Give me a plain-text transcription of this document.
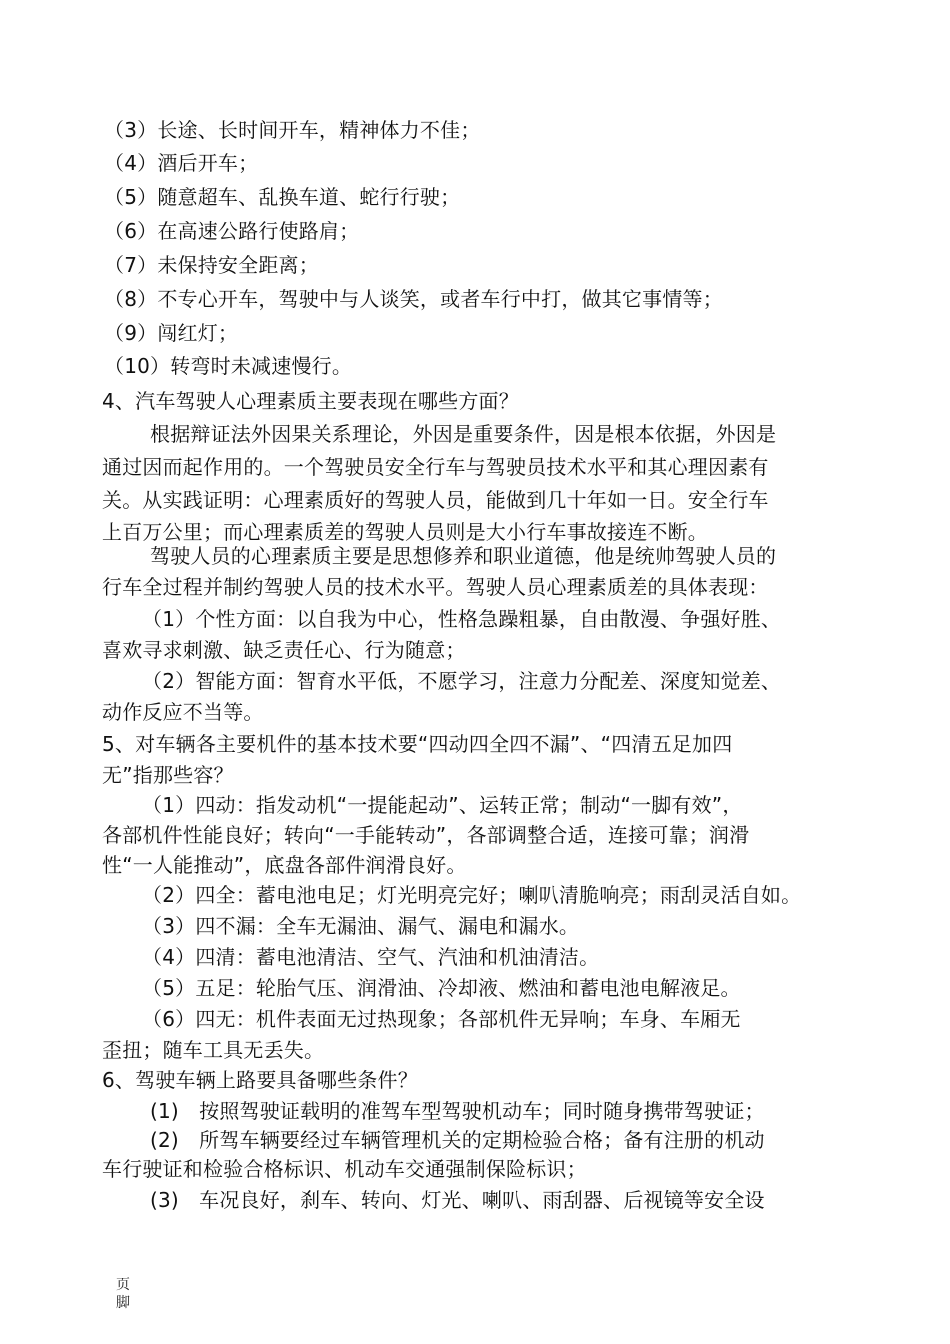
（3）长途、长时间开车，精神体力不佳；
（4）酒后开车；
（5）随意超车、乱换车道、蛇行行驶；
（6）在高速公路行使路肩；
（7）未保持安全距离；
（8）不专心开车，驾驶中与人谈笑，或者车行中打，做其它事情等；
（9）闯红灯；
（10）转弯时未减速慢行。
4、汽车驾驶人心理素质主要表现在哪些方面？
根据辩证法外因果关系理论，外因是重要条件，因是根本依据，外因是
通过因而起作用的。一个驾驶员安全行车与驾驶员技术水平和其心理因素有
关。从实践证明：心理素质好的驾驶人员，能做到几十年如一日。安全行车
上百万公里；而心理素质差的驾驶人员则是大小行车事故接连不断。
驾驶人员的心理素质主要是思想修养和职业道德，他是统帅驾驶人员的
行车全过程并制约驾驶人员的技术水平。驾驶人员心理素质差的具体表现：
（1）个性方面：以自我为中心，性格急躁粗暴，自由散漫、争强好胜、
喜欢寻求刺激、缺乏责任心、行为随意；
（2）智能方面：智育水平低，不愿学习，注意力分配差、深度知觉差、
动作反应不当等。
5、对车辆各主要机件的基本技术要“四动四全四不漏”、“四清五足加四
无”指那些容？
（1）四动：指发动机“一提能起动”、运转正常；制动“一脚有效”，
各部机件性能良好；转向“一手能转动”，各部调整合适，连接可靠；润滑
性“一人能推动”，底盘各部件润滑良好。
（2）四全：蓄电池电足；灯光明亮完好；喇叭清脆响亮；雨刮灵活自如。
（3）四不漏：全车无漏油、漏气、漏电和漏水。
（4）四清：蓄电池清洁、空气、汽油和机油清洁。
（5）五足：轮胎气压、润滑油、冷却液、燃油和蓄电池电解液足。
（6）四无：机件表面无过热现象；各部机件无异响；车身、车厢无
歪扭；随车工具无丢失。
6、驾驶车辆上路要具备哪些条件？
(1)　按照驾驶证载明的准驾车型驾驶机动车；同时随身携带驾驶证；
(2)　所驾车辆要经过车辆管理机关的定期检验合格；备有注册的机动
车行驶证和检验合格标识、机动车交通强制保险标识；
(3)　车况良好，刹车、转向、灯光、喇叭、雨刮器、后视镜等安全设
页
脚
